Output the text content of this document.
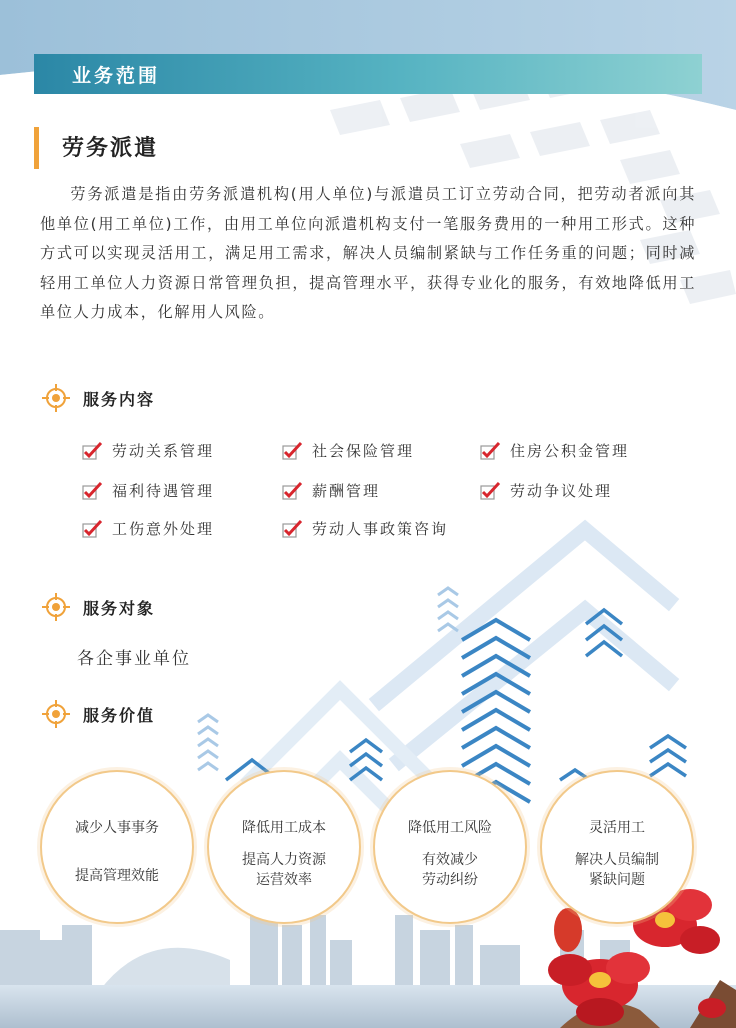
业务范围
劳务派遣
劳务派遣是指由劳务派遣机构(用人单位)与派遣员工订立劳动合同，把劳动者派向其他单位(用工单位)工作，由用工单位向派遣机构支付一笔服务费用的一种用工形式。这种方式可以实现灵活用工，满足用工需求，解决人员编制紧缺与工作任务重的问题；同时减轻用工单位人力资源日常管理负担，提高管理水平，获得专业化的服务，有效地降低用工单位人力成本，化解用人风险。
服务内容
劳动关系管理	社会保险管理	住房公积金管理
福利待遇管理	薪酬管理	劳动争议处理
工伤意外处理	劳动人事政策咨询
服务对象
各企事业单位
服务价值
减少人事事务
提高管理效能
降低用工成本
提高人力资源
运营效率
降低用工风险
有效减少
劳动纠纷
灵活用工
解决人员编制
紧缺问题
